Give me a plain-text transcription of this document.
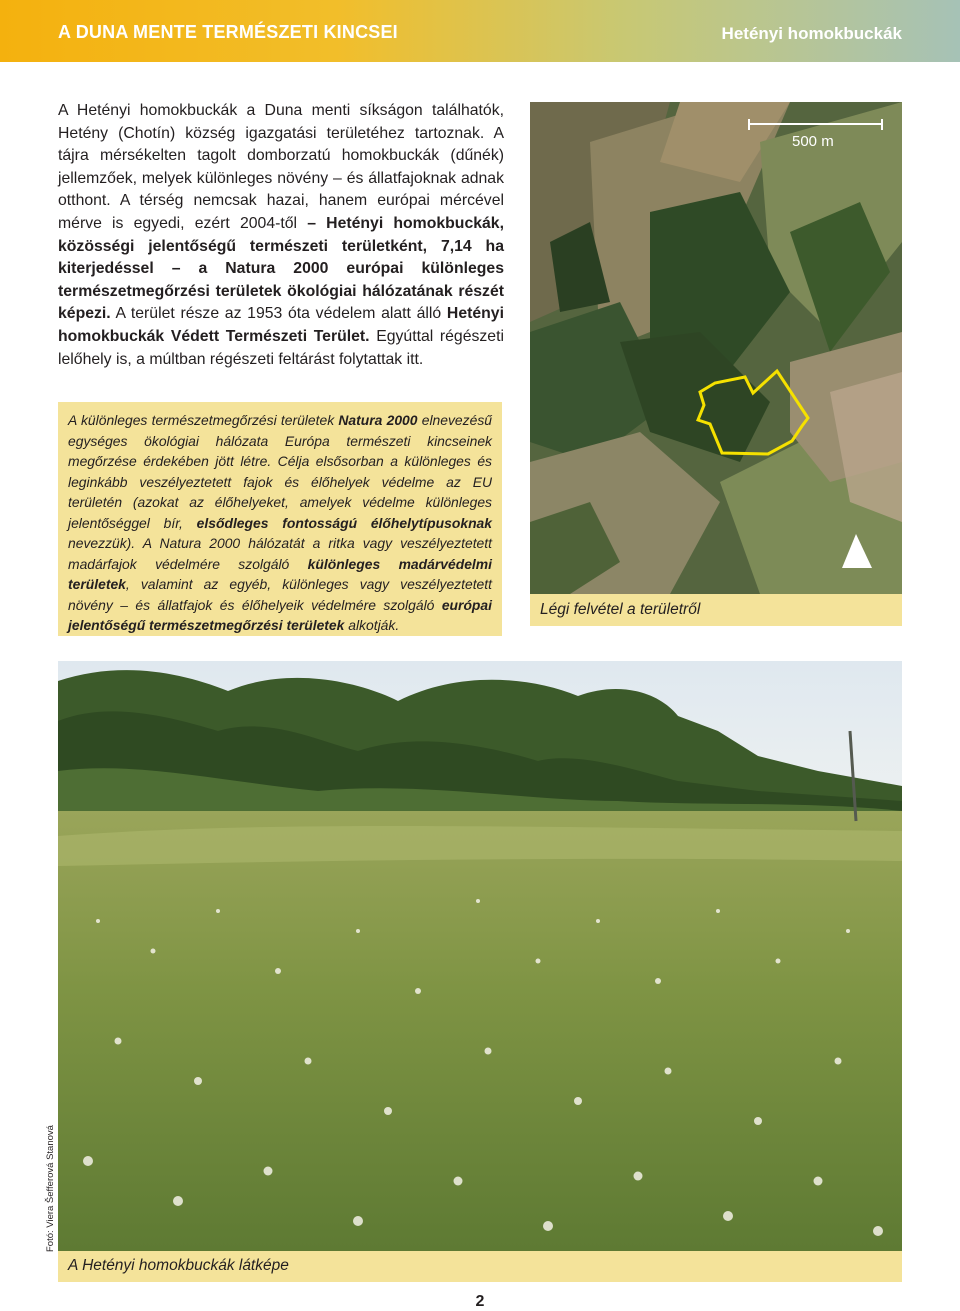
A DUNA MENTE TERMÉSZETI KINCSEI	Hetényi homokbuckák
A Hetényi homokbuckák a Duna menti síkságon találhatók, Hetény (Chotín) község igazgatási területéhez tartoznak. A tájra mérsékelten tagolt domborzatú homokbuckák (dűnék) jellemzőek, melyek különleges növény – és állatfajoknak adnak otthont. A térség nemcsak hazai, hanem európai mércével mérve is egyedi, ezért 2004-től – Hetényi homokbuckák, közösségi jelentőségű természeti területként, 7,14 ha kiterjedéssel – a Natura 2000 európai különleges természetmegőrzési területek ökológiai hálózatának részét képezi. A terület része az 1953 óta védelem alatt álló Hetényi homokbuckák Védett Természeti Terület. Egyúttal régészeti lelőhely is, a múltban régészeti feltárást folytattak itt.
500 m
Légi felvétel a területről
A különleges természetmegőrzési területek Natura 2000 elnevezésű egységes ökológiai hálózata Európa természeti kincseinek megőrzése érdekében jött létre. Célja elsősorban a különleges és leginkább veszélyeztetett fajok és élőhelyek védelme az EU területén (azokat az élőhelyeket, amelyek védelme különleges jelentőséggel bír, elsődleges fontosságú élőhelytípusoknak nevezzük). A Natura 2000 hálózatát a ritka vagy veszélyeztetett madárfajok védelmére szolgáló különleges madárvédelmi területek, valamint az egyéb, különleges vagy veszélyeztetett növény – és állatfajok és élőhelyeik védelmére szolgáló európai jelentőségű természetmegőrzési területek alkotják.
A Hetényi homokbuckák látképe
Fotó: Viera Šefferová Stanová
2
